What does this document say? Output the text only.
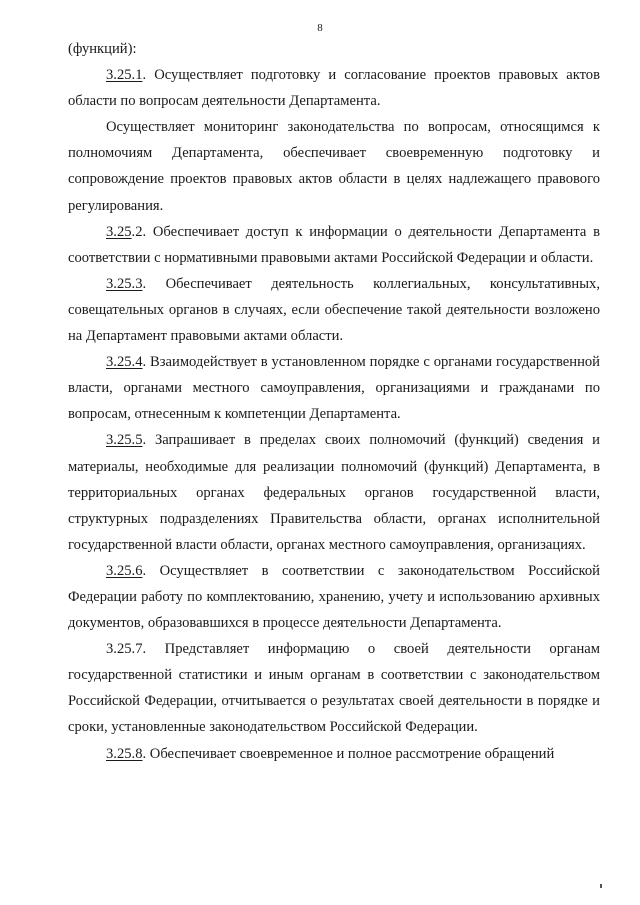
8

(функций):

3.25.1. Осуществляет подготовку и согласование проектов правовых актов области по вопросам деятельности Департамента.

Осуществляет мониторинг законодательства по вопросам, относящимся к полномочиям Департамента, обеспечивает своевременную подготовку и сопровождение проектов правовых актов области в целях надлежащего правового регулирования.

3.25.2. Обеспечивает доступ к информации о деятельности Департамента в соответствии с нормативными правовыми актами Российской Федерации и области.

3.25.3. Обеспечивает деятельность коллегиальных, консультативных, совещательных органов в случаях, если обеспечение такой деятельности возложено на Департамент правовыми актами области.

3.25.4. Взаимодействует в установленном порядке с органами государственной власти, органами местного самоуправления, организациями и гражданами по вопросам, отнесенным к компетенции Департамента.

3.25.5. Запрашивает в пределах своих полномочий (функций) сведения и материалы, необходимые для реализации полномочий (функций) Департамента, в территориальных органах федеральных органов государственной власти, структурных подразделениях Правительства области, органах исполнительной государственной власти области, органах местного самоуправления, организациях.

3.25.6. Осуществляет в соответствии с законодательством Российской Федерации работу по комплектованию, хранению, учету и использованию архивных документов, образовавшихся в процессе деятельности Департамента.

3.25.7. Представляет информацию о своей деятельности органам государственной статистики и иным органам в соответствии с законодательством Российской Федерации, отчитывается о результатах своей деятельности в порядке и сроки, установленные законодательством Российской Федерации.

3.25.8. Обеспечивает своевременное и полное рассмотрение обращений
